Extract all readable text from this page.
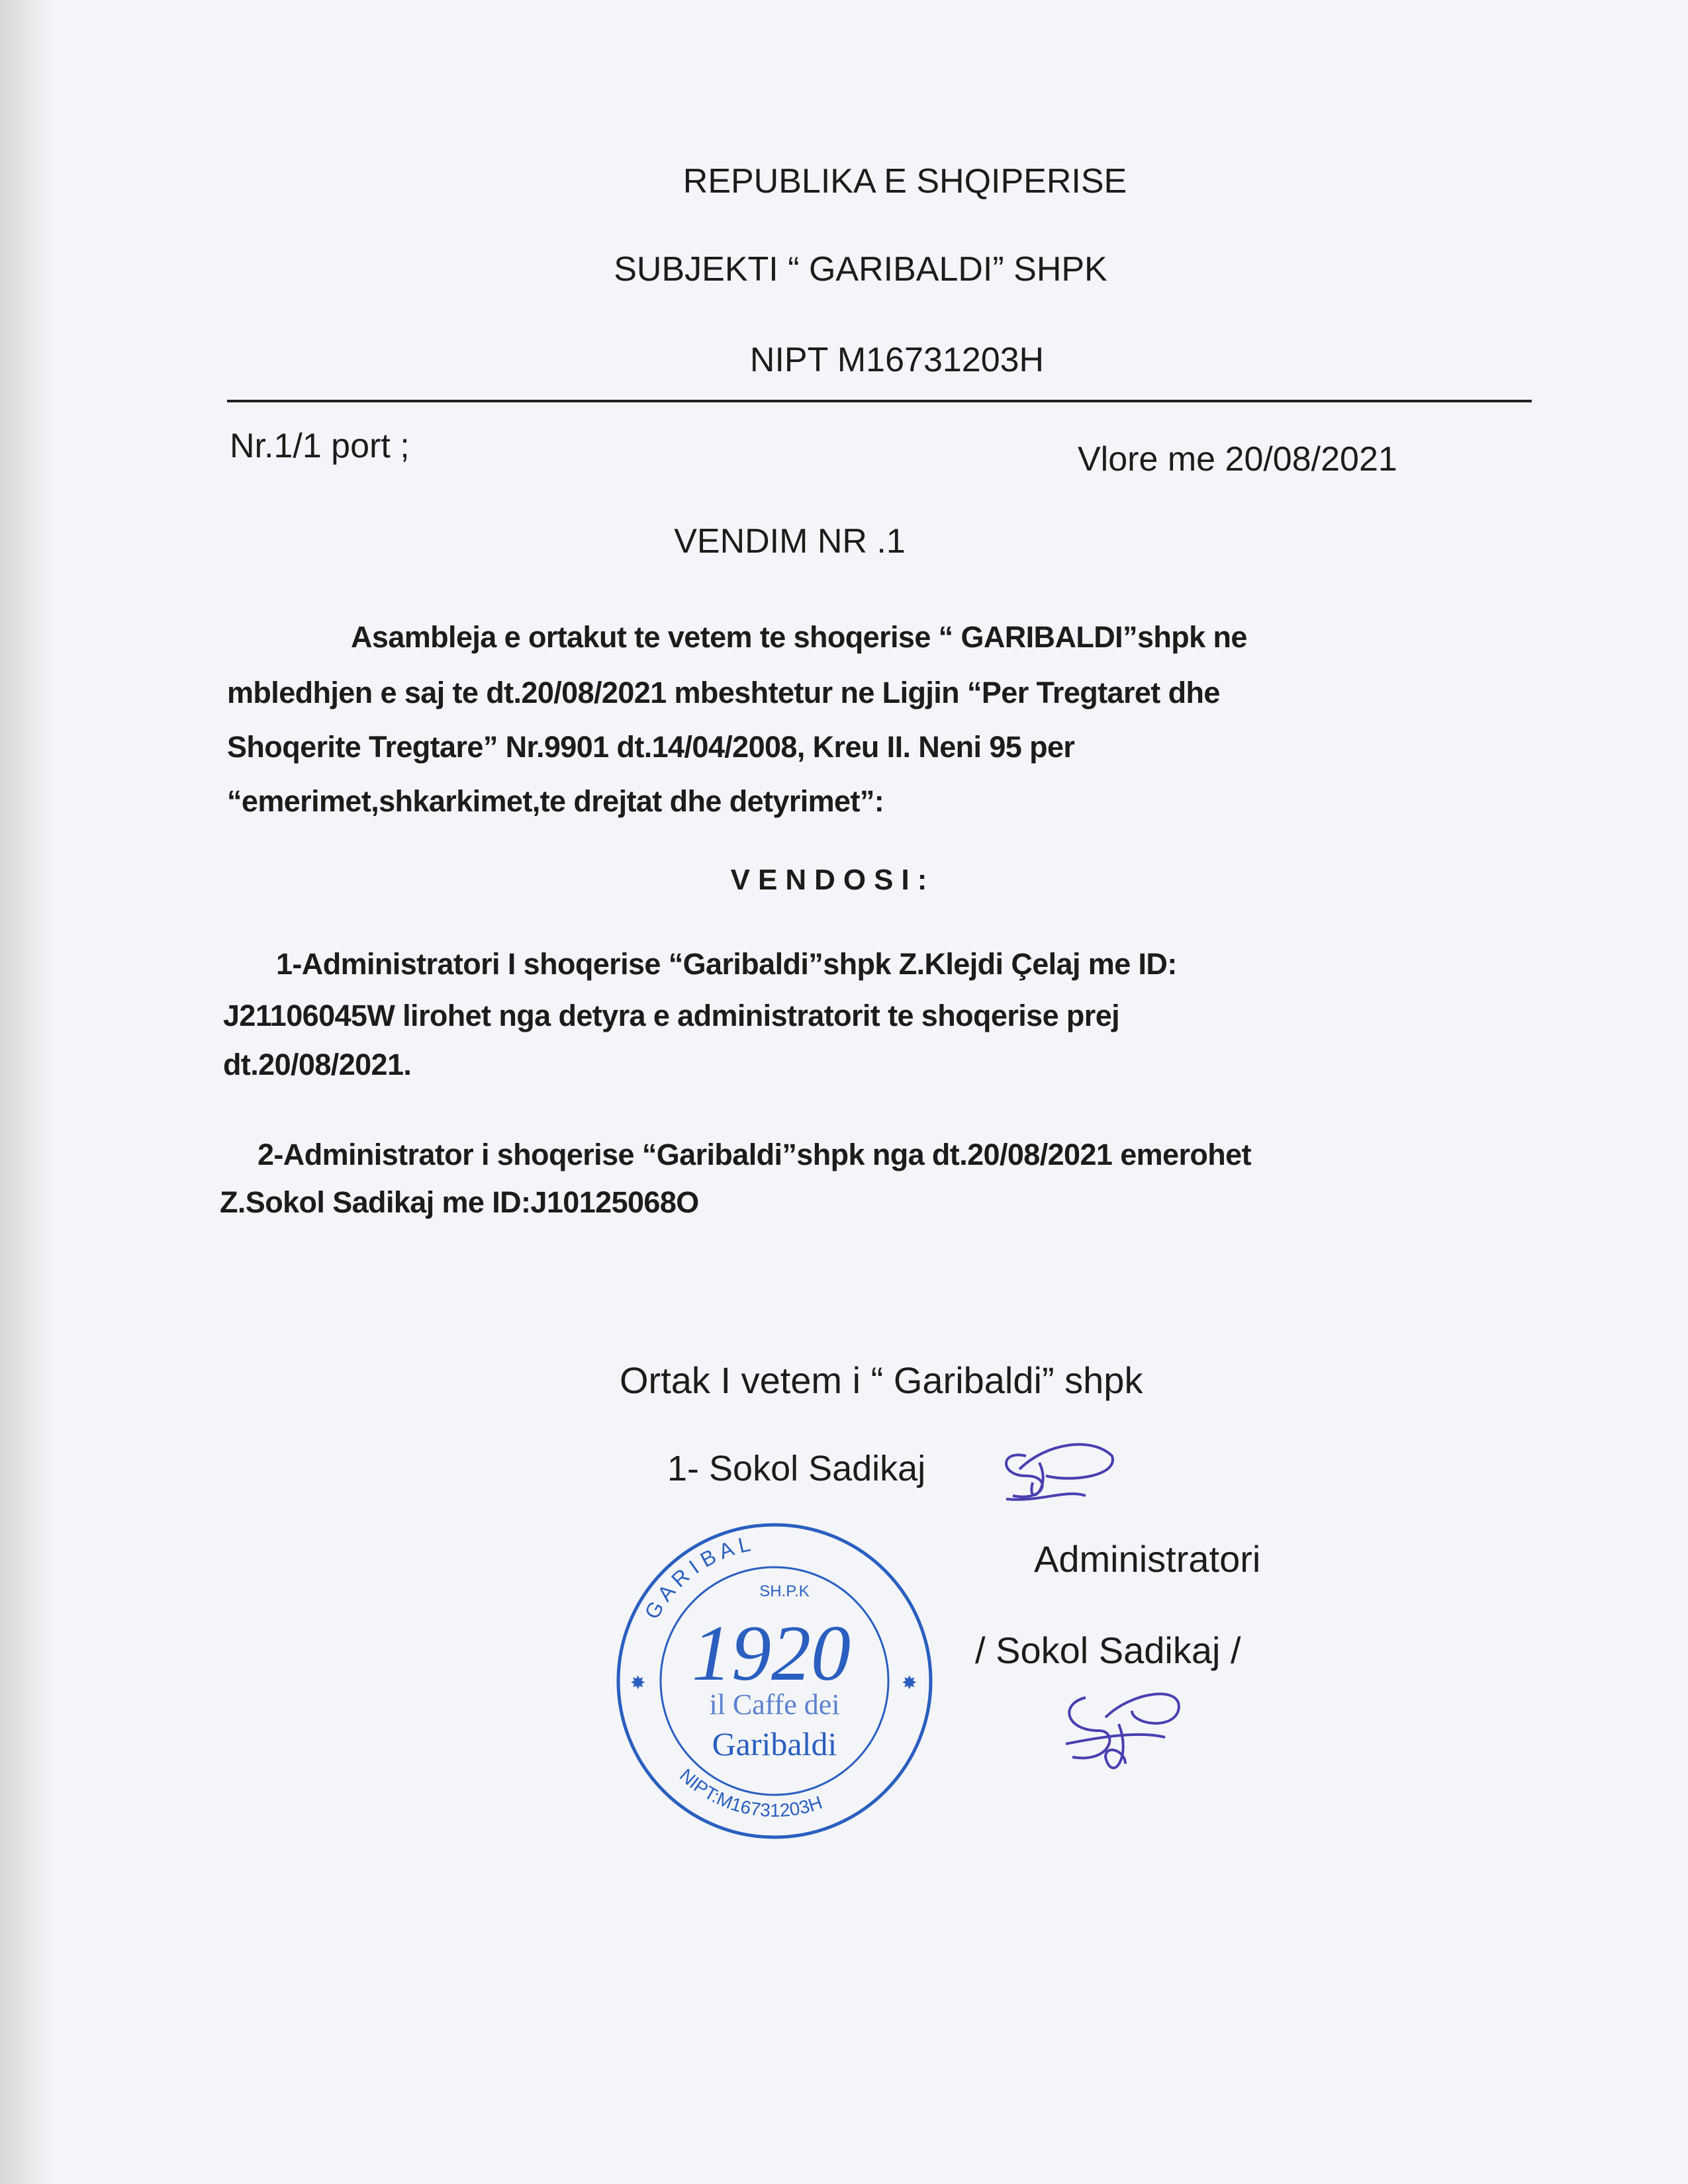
REPUBLIKA E SHQIPERISE
SUBJEKTI “ GARIBALDI” SHPK
NIPT M16731203H
Nr.1/1 port ;	Vlore me 20/08/2021
VENDIM NR .1
Asambleja e ortakut te vetem te shoqerise “ GARIBALDI”shpk ne
mbledhjen e saj te dt.20/08/2021 mbeshtetur ne Ligjin “Per Tregtaret dhe
Shoqerite Tregtare” Nr.9901 dt.14/04/2008, Kreu II. Neni 95 per
“emerimet,shkarkimet,te drejtat dhe detyrimet”:
VENDOSI:
1-Administratori I shoqerise “Garibaldi”shpk Z.Klejdi Çelaj me ID:
J21106045W lirohet nga detyra e administratorit te shoqerise prej
dt.20/08/2021.
2-Administrator i shoqerise “Garibaldi”shpk nga dt.20/08/2021 emerohet
Z.Sokol Sadikaj me ID:J10125068O
Ortak I vetem i “ Garibaldi” shpk
1- Sokol Sadikaj
Administratori
G A R I B A L
NIPT:M16731203H
SH.P.K
1920
il Caffe dei
Garibaldi
✸	✸
/ Sokol Sadikaj /
